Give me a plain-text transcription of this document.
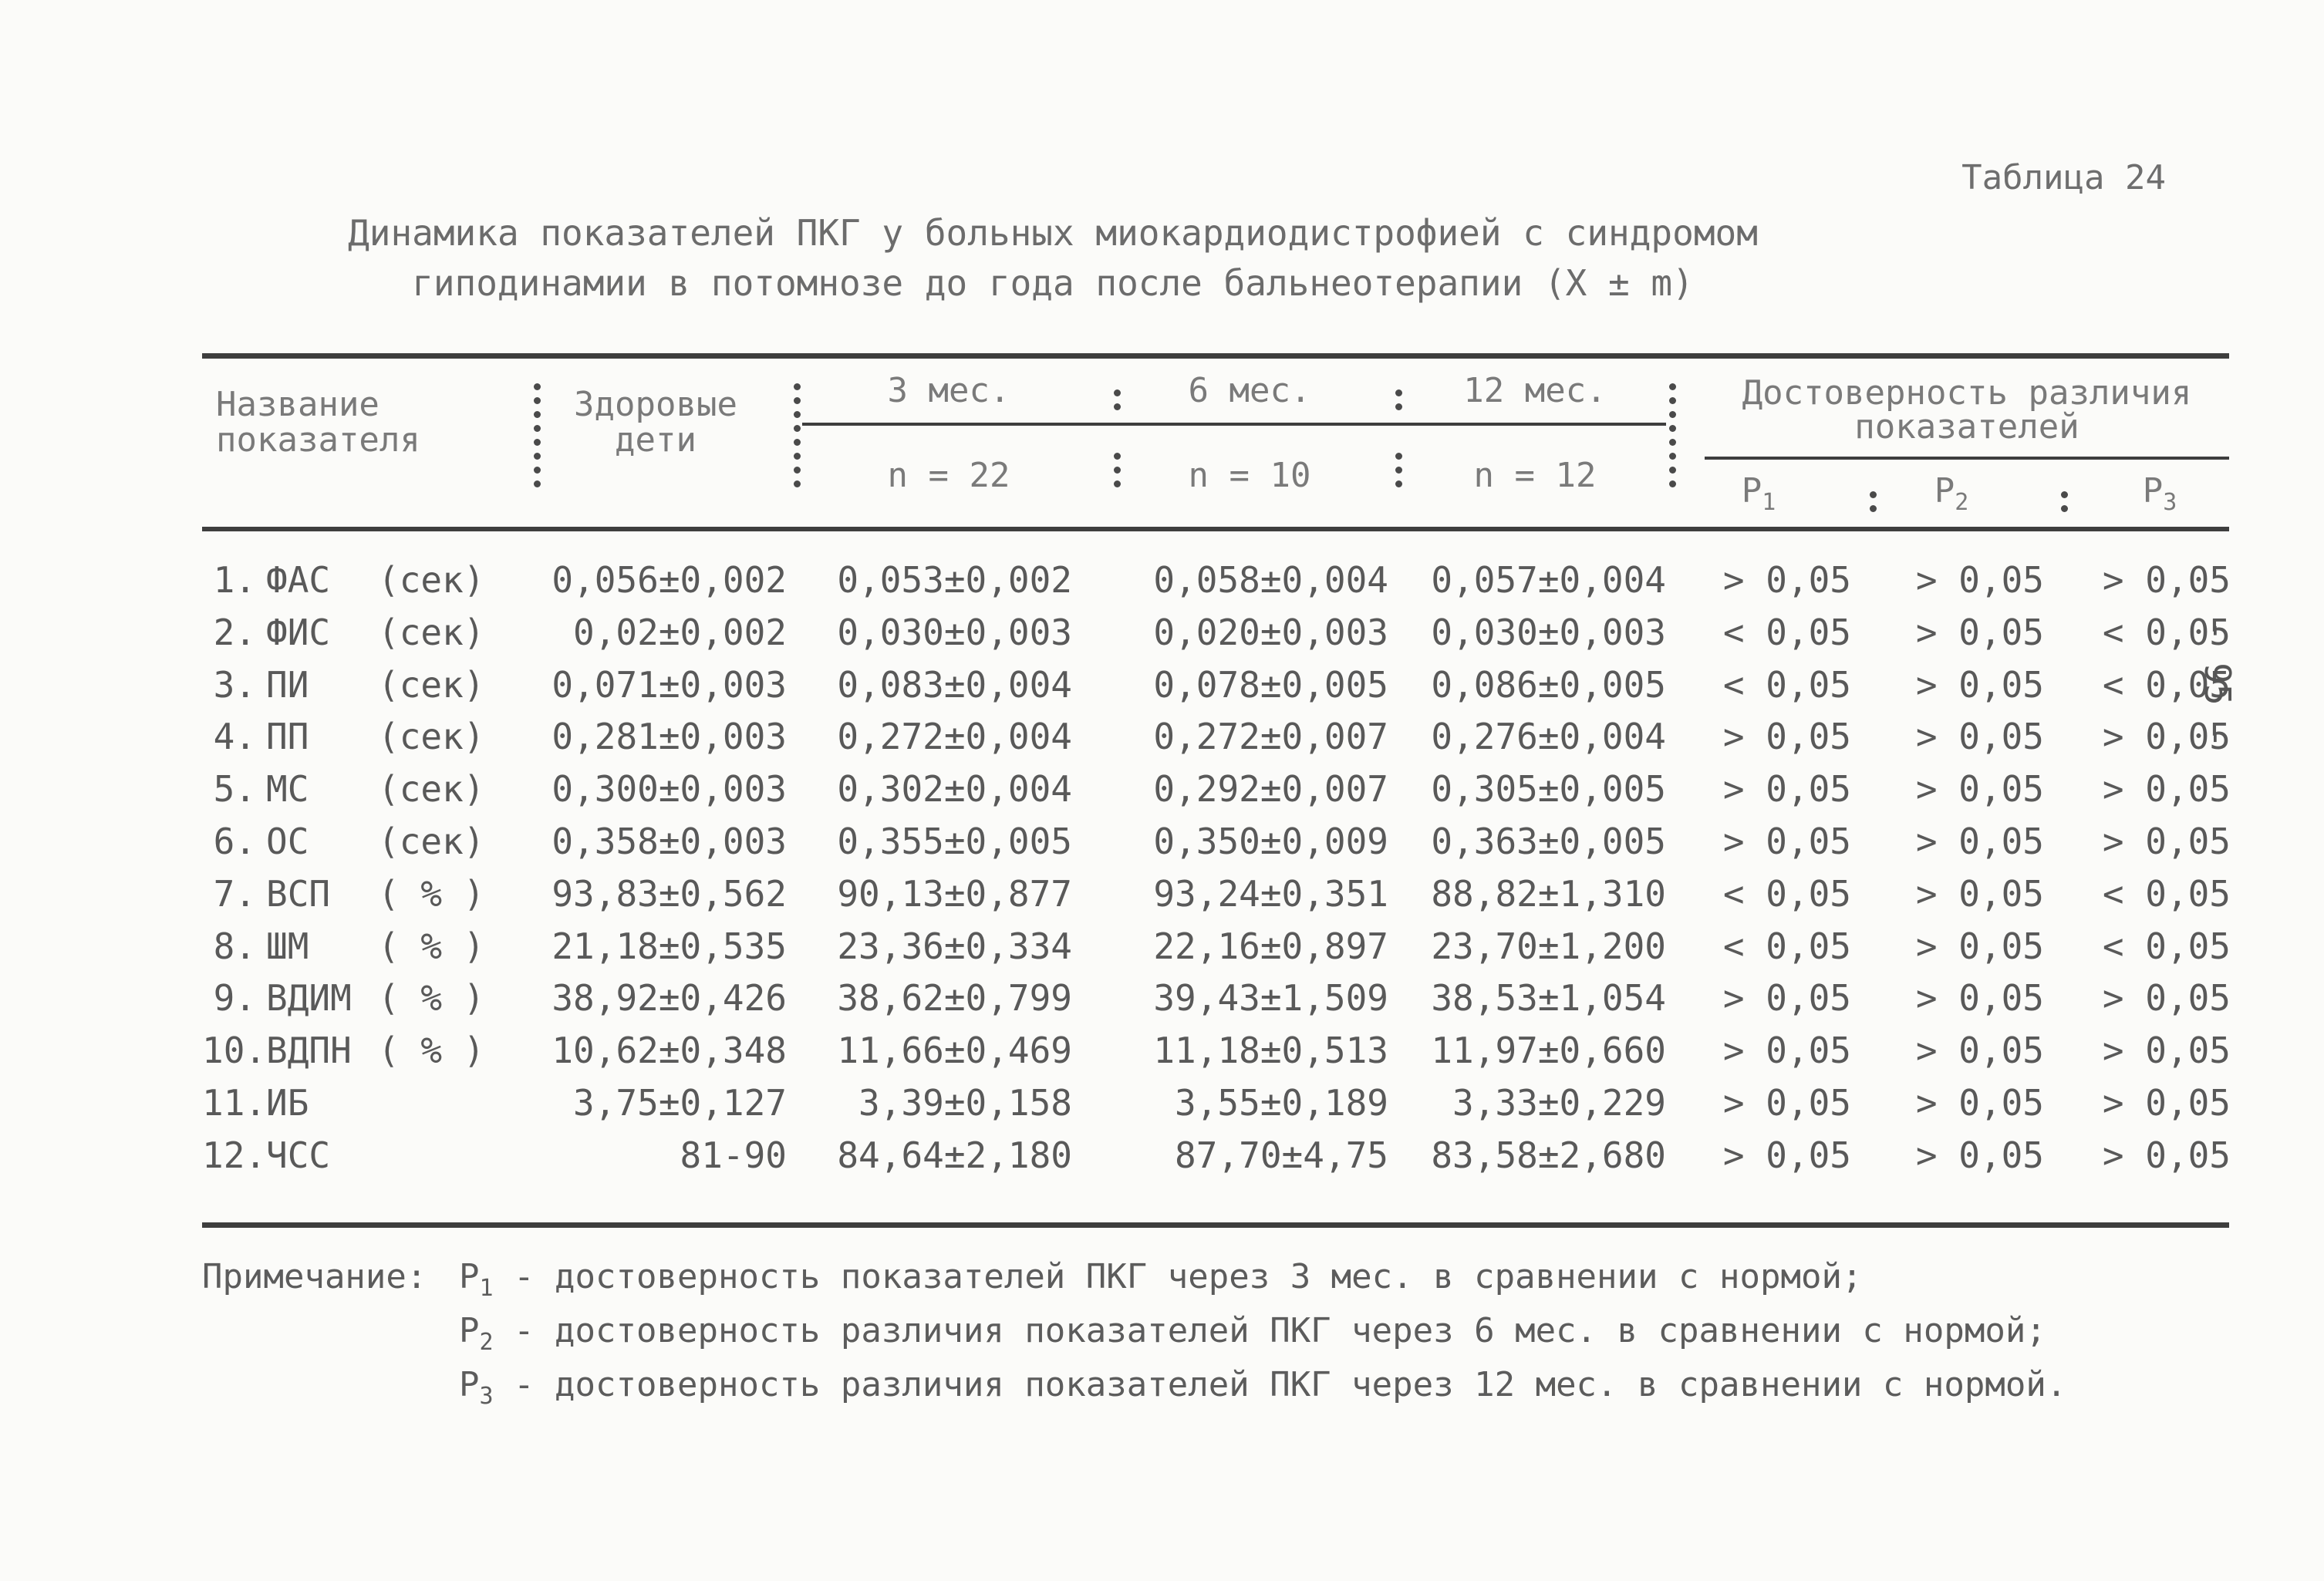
Таблица 24
Динамика показателей ПКГ у больных миокардиодистрофией с синдромом
гиподинамии в потомнозе до года после бальнеотерапии (X ± m)
Название показателя
Здоровые дети
3 мес.	6 мес.	12 мес.	Достоверность различия показателей
n = 22	n = 10	n = 12	$P_1$	$P_2$	$P_3$
1. ФАС	(сек)	0,056±0,002	0,053±0,002	0,058±0,004	0,057±0,004	> 0,05	> 0,05	> 0,05
2. ФИС	(сек)	0,02±0,002	0,030±0,003	0,020±0,003	0,030±0,003	< 0,05	> 0,05	< 0,05
3. ПИ	(сек)	0,071±0,003	0,083±0,004	0,078±0,005	0,086±0,005	< 0,05	> 0,05	< 0,05
4. ПП	(сек)	0,281±0,003	0,272±0,004	0,272±0,007	0,276±0,004	> 0,05	> 0,05	> 0,05
5. МС	(сек)	0,300±0,003	0,302±0,004	0,292±0,007	0,305±0,005	> 0,05	> 0,05	> 0,05
6. ОС	(сек)	0,358±0,003	0,355±0,005	0,350±0,009	0,363±0,005	> 0,05	> 0,05	> 0,05
7. ВСП	( % )	93,83±0,562	90,13±0,877	93,24±0,351	88,82±1,310	< 0,05	> 0,05	< 0,05
8. ШМ	( % )	21,18±0,535	23,36±0,334	22,16±0,897	23,70±1,200	< 0,05	> 0,05	< 0,05
9. ВДИМ ( % )	38,92±0,426	38,62±0,799	39,43±1,509	38,53±1,054	> 0,05	> 0,05	> 0,05
10. ВДПН ( % )	10,62±0,348	11,66±0,469	11,18±0,513	11,97±0,660	> 0,05	> 0,05	> 0,05
11. ИБ	3,75±0,127	3,39±0,158	3,55±0,189	3,33±0,229	> 0,05	> 0,05	> 0,05
12. ЧСС	81-90	84,64±2,180	87,70±4,75	83,58±2,680	> 0,05	> 0,05	> 0,05
Примечание: $P_1$ - достоверность показателей ПКГ через 3 мес. в сравнении с нормой;
$P_2$ - достоверность различия показателей ПКГ через 6 мес. в сравнении с нормой;
$P_3$ - достоверность различия показателей ПКГ через 12 мес. в сравнении с нормой.
- 95 -
